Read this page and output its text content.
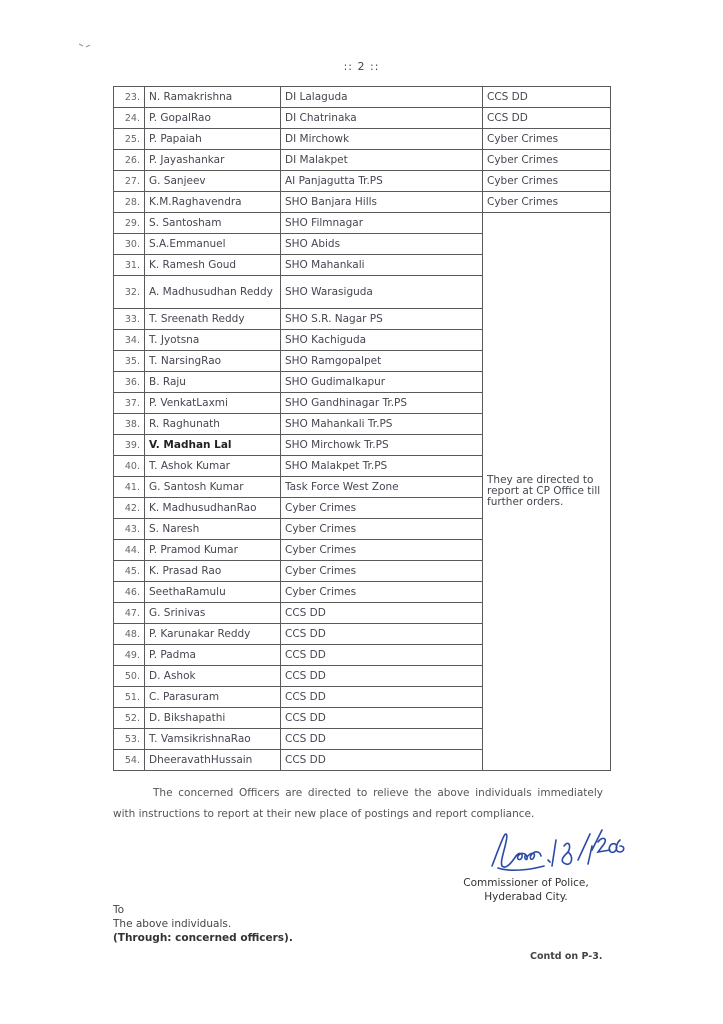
:: 2 ::
23.	N. Ramakrishna	DI Lalaguda	CCS DD
24.	P. GopalRao	DI Chatrinaka	CCS DD
25.	P. Papaiah	DI Mirchowk	Cyber Crimes
26.	P. Jayashankar	DI Malakpet	Cyber Crimes
27.	G. Sanjeev	AI Panjagutta Tr.PS	Cyber Crimes
28.	K.M.Raghavendra	SHO Banjara Hills	Cyber Crimes
29.	S. Santosham	SHO Filmnagar	They are directed to report at CP Office till further orders.
30.	S.A.Emmanuel	SHO Abids	
31.	K. Ramesh Goud	SHO Mahankali	
32.	A. Madhusudhan Reddy	SHO Warasiguda	
33.	T. Sreenath Reddy	SHO S.R. Nagar PS	
34.	T. Jyotsna	SHO Kachiguda	
35.	T. NarsingRao	SHO Ramgopalpet	
36.	B. Raju	SHO Gudimalkapur	
37.	P. VenkatLaxmi	SHO Gandhinagar Tr.PS	
38.	R. Raghunath	SHO Mahankali Tr.PS	
39.	V. Madhan Lal	SHO Mirchowk Tr.PS	
40.	T. Ashok Kumar	SHO Malakpet Tr.PS	
41.	G. Santosh Kumar	Task Force West Zone	
42.	K. MadhusudhanRao	Cyber Crimes	
43.	S. Naresh	Cyber Crimes	
44.	P. Pramod Kumar	Cyber Crimes	
45.	K. Prasad Rao	Cyber Crimes	
46.	SeethaRamulu	Cyber Crimes	
47.	G. Srinivas	CCS DD	
48.	P. Karunakar Reddy	CCS DD	
49.	P. Padma	CCS DD	
50.	D. Ashok	CCS DD	
51.	C. Parasuram	CCS DD	
52.	D. Bikshapathi	CCS DD	
53.	T. VamsikrishnaRao	CCS DD	
54.	DheeravathHussain	CCS DD	
The concerned Officers are directed to relieve the above individuals immediately with instructions to report at their new place of postings and report compliance.
Commissioner of Police,
Hyderabad City.
To
The above individuals.
(Through: concerned officers).
Contd on P-3.
